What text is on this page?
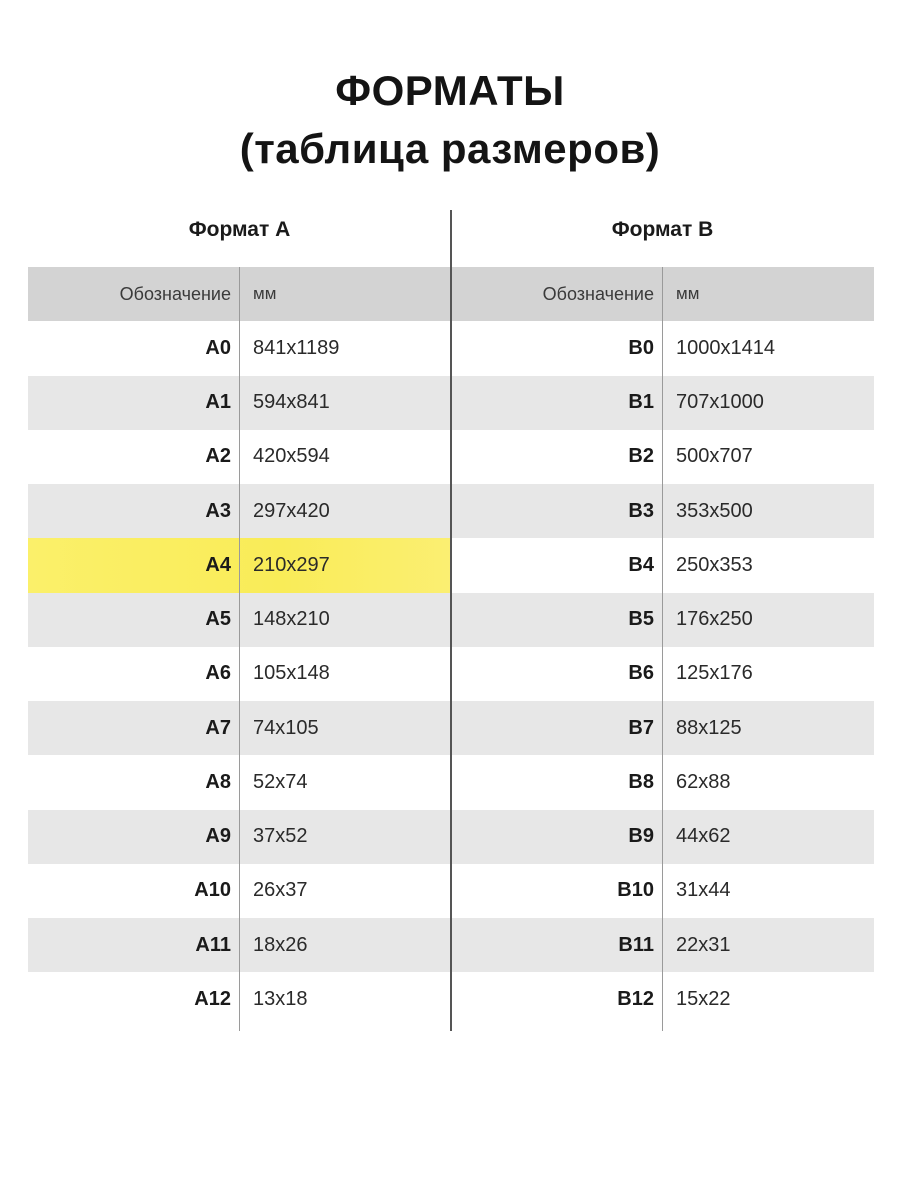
ФОРМАТЫ
(таблица размеров)
Формат А	Формат В
Обозначение	мм
A0	841x1189
A1	594x841
A2	420x594
A3	297x420
A4	210x297
A5	148x210
A6	105x148
A7	74x105
A8	52x74
A9	37x52
A10	26x37
A11	18x26
A12	13x18
Обозначение	мм
B0	1000x1414
B1	707x1000
B2	500x707
B3	353x500
B4	250x353
B5	176x250
B6	125x176
B7	88x125
B8	62x88
B9	44x62
B10	31x44
B11	22x31
B12	15x22
